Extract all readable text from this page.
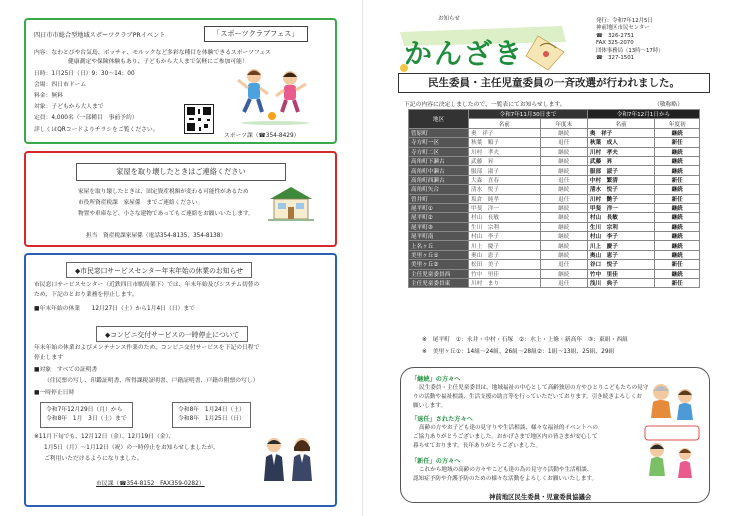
四日市市総合型地域スポーツクラブPRイベント	「スポーツクラブフェス」
内容：なわとびや台気島、ボッチャ、モルックなど多彩な種目を体験できるスポーツフェス
健康測定や保険体験もあり、子どもから大人まで気軽にご参加可能！
日時：1月25日（日）9：30～14：00
会場：四日市ドーム
料金：無料
対象：子どもから大人まで
定員：4,000名（一部種目　事前予約）
詳しくはQRコードよりチラシをご覧ください。
スポーツ課（☎354-8429）
家屋を取り壊したときはご連絡ください
家屋を取り壊したときは、固定資産税額が変わる可能性があるため
市役所資産税課　家屋係　までご連絡ください。
物置や車庫など、小さな建物であってもご連絡をお願いいたします。
担当　資産税課家屋係（電話354-8135、354-8138）
◆市民窓口サービスセンター年末年始の休業のお知らせ
市民窓口サービスセンター（近鉄四日市駅高架下）では、年末年始及びシステム切替の
ため、下記のとおり業務を停止します。
■年末年始の休業　　12月27日（土）から1月4日（日）まで
◆コンビニ交付サービスの一時停止について
年末年始の休業およびメンテナンス作業のため、コンビニ交付サービスを下記の日程で
停止します
■対象　すべての証明書
（住民票の写し、印鑑証明書、所得課税証明書、戸籍証明書、戸籍の附票の写し）
■一時停止日時
令和7年12月29日（月）から
令和8年　1月　3日（土）まで
令和8年　1月24日（土）
令和8年　1月25日（日）
※11月下旬でも、12月12日（金）、12月19日（金）、
1月5日（月）～1月12日（祝）の一時停止をお知らせしましたが、
ご利用いただけるようになりました。
市民課（☎354-8152　FAX359-0282）
お知らせ
かんざき
発行：令和7年12月5日
神前地区市民センター
☎　326-2751
FAX 325-2070
団体事務局（13時～17時）
☎　327-1501
民生委員・主任児童委員の一斉改選が行われました。
下記の内容に決定しましたので、一覧表にてお知らせします。	（敬称略）
地区	令和7年11月30日まで		令和7年12月1日から	
	名前	年度末	名前	年度初
菅原町	奥　祥子	継続	奥　祥子	継続
寺方町一区	秋葉　順子	退任	秋葉　成人	新任
寺方町二区	川村　孝夫	継続	川村　孝夫	継続
高角町下瀬古	武藤　昇	継続	武藤　昇	継続
高角町中瀬古	服部　淑子	継続	服部　淑子	継続
高角町西瀬古	大森　喜春	退任	中村　繁清	新任
高角町矢合	清水　悦子	継続	清水　悦子	継続
曽井町	坂倉　純孝	退任	川村　艶子	新任
尾平町①	甲斐　洋一	継続	甲斐　洋一	継続
尾平町②	村山　長敏	継続	村山　長敏	継続
尾平町③	生川　宗利	継続	生川　宗利	継続
尾平町南	村山　李子	継続	村山　李子	継続
上名ヶ丘	川上　慶子	継続	川上　慶子	継続
美里ヶ丘①	奥山　恵子	継続	奥山　恵子	継続
美里ヶ丘②	松田　美子	退任	谷口　悦子	新任
主任児童委員西	竹中　里佳	継続	竹中　里佳	継続
主任児童委員東	川村　まり	退任	浅川　典子	新任
※　尾平町　①：永井・中村・石塚　②：水上・上條・新高年　③：東組・西組
※　美里ヶ丘①：14組～24組、26組～28組②：1組～13組、25組、29組
「継続」の方々へ
民生委員・主任児童委員は、地域福祉の中心として高齢独居の方やひとりこどもたちの見守
りの活動や福祉相談、生活支援の助言等を行っていただいております。引き続きよろしくお
願いします。
「退任」された方々へ
高齢の方やお子ども達の見守りや生活相談、様々な福祉的イベントへの
ご協力ありがとうございました。おかげさまで地区内の皆さまが安心して
暮らせております。長年ありがとうございました。
「新任」の方々へ
これから地域の高齢の方々やこども達の為の見守り活動や生活相談、
認知症予防や介護予防のための様々な活動をよろしくお願いいたします。
神前地区民生委員・児童委員協議会
